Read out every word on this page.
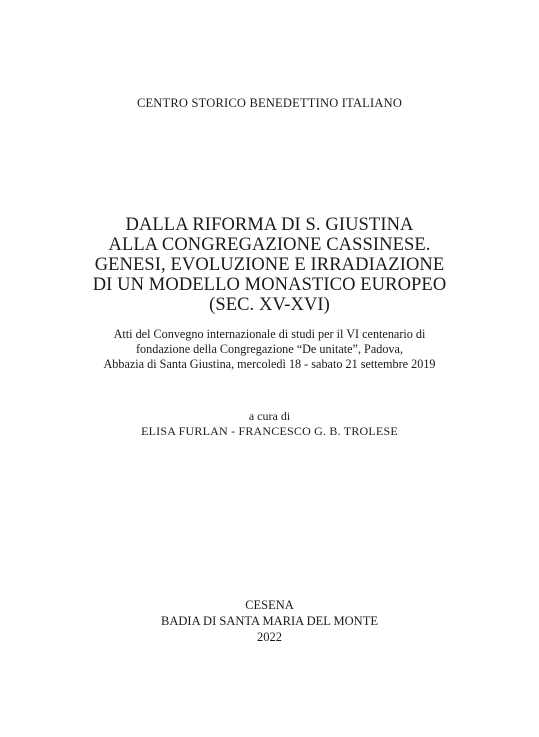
CENTRO STORICO BENEDETTINO ITALIANO
DALLA RIFORMA DI S. GIUSTINA
ALLA CONGREGAZIONE CASSINESE.
GENESI, EVOLUZIONE E IRRADIAZIONE
DI UN MODELLO MONASTICO EUROPEO
(SEC. XV-XVI)
Atti del Convegno internazionale di studi per il VI centenario di
fondazione della Congregazione “De unitate”, Padova,
Abbazia di Santa Giustina, mercoledì 18 - sabato 21 settembre 2019
a cura di
ELISA FURLAN - FRANCESCO G. B. TROLESE
CESENA
BADIA DI SANTA MARIA DEL MONTE
2022
